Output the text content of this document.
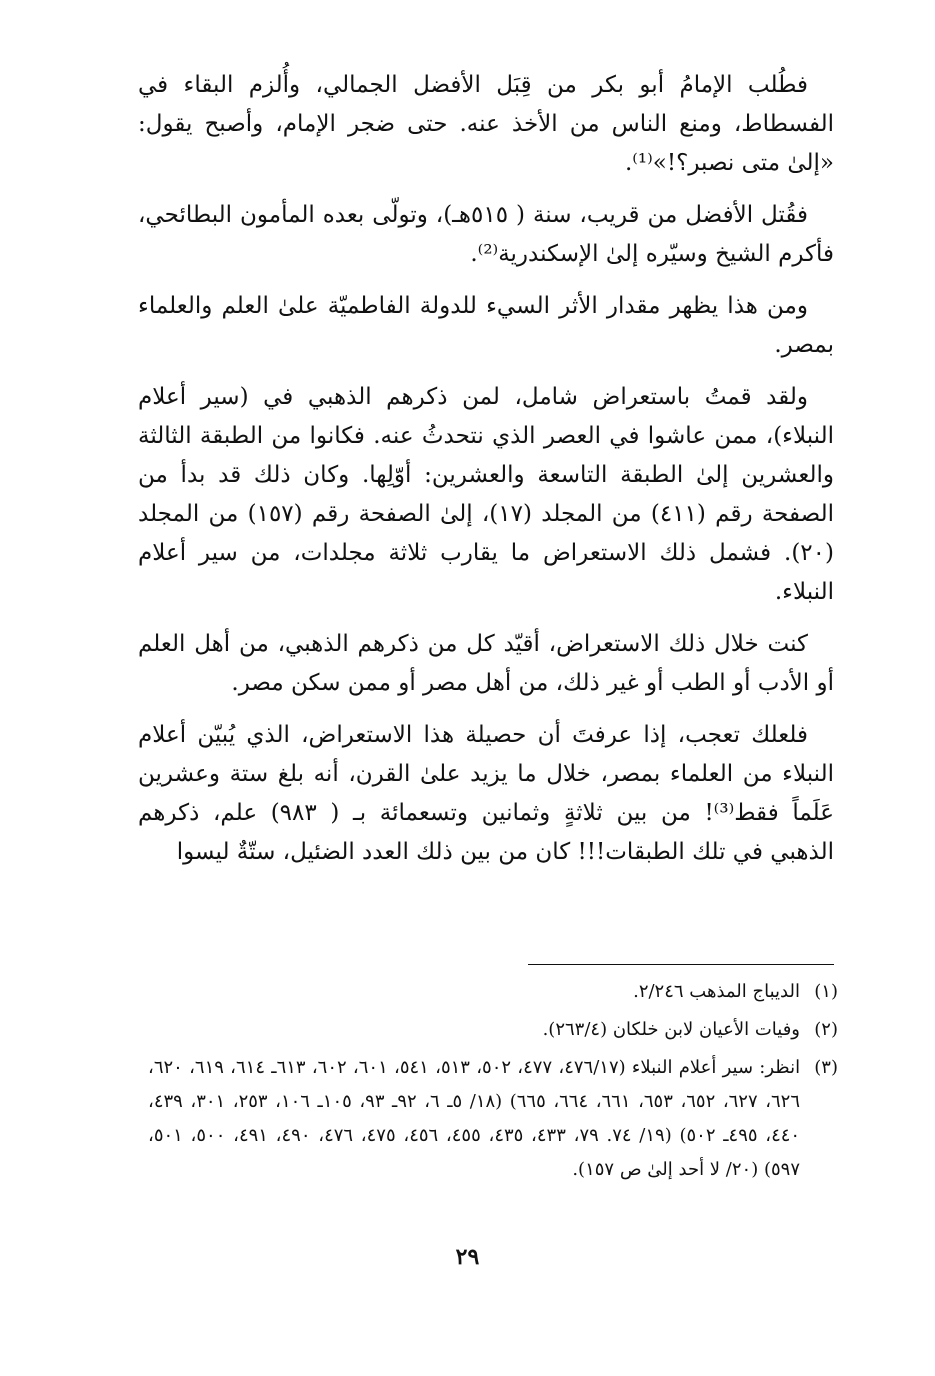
فطُلب الإمامُ أبو بكر من قِبَل الأفضل الجمالي، وأُلزم البقاء في الفسطاط، ومنع الناس من الأخذ عنه. حتى ضجر الإمام، وأصبح يقول: «إلىٰ متى نصبر؟!»⁽¹⁾.

فقُتل الأفضل من قريب، سنة ( ٥١٥هـ)، وتولّى بعده المأمون البطائحي، فأكرم الشيخ وسيّره إلىٰ الإسكندرية⁽²⁾.

ومن هذا يظهر مقدار الأثر السيء للدولة الفاطميّة علىٰ العلم والعلماء بمصر.

ولقد قمتُ باستعراض شامل، لمن ذكرهم الذهبي في (سير أعلام النبلاء)، ممن عاشوا في العصر الذي نتحدثُ عنه. فكانوا من الطبقة الثالثة والعشرين إلىٰ الطبقة التاسعة والعشرين: أوّلِها. وكان ذلك قد بدأ من الصفحة رقم (٤١١) من المجلد (١٧)، إلىٰ الصفحة رقم (١٥٧) من المجلد (٢٠). فشمل ذلك الاستعراض ما يقارب ثلاثة مجلدات، من سير أعلام النبلاء.

كنت خلال ذلك الاستعراض، أقيّد كل من ذكرهم الذهبي، من أهل العلم أو الأدب أو الطب أو غير ذلك، من أهل مصر أو ممن سكن مصر.

فلعلك تعجب، إذا عرفتَ أن حصيلة هذا الاستعراض، الذي يُبيّن أعلام النبلاء من العلماء بمصر، خلال ما يزيد علىٰ القرن، أنه بلغ ستة وعشرين عَلَماً فقط⁽³⁾! من بين ثلاثةٍ وثمانين وتسعمائة بـ ( ٩٨٣) علم، ذكرهم الذهبي في تلك الطبقات!!! كان من بين ذلك العدد الضئيل، ستّةٌ ليسوا

(١)
الديباج المذهب ٢/٢٤٦.
(٢)
وفيات الأعيان لابن خلكان (٢٦٣/٤).
(٣)
انظر: سير أعلام النبلاء (٤٧٦/١٧، ٤٧٧، ٥٠٢، ٥١٣، ٥٤١، ٦٠١، ٦٠٢، ٦١٣ـ ٦١٤، ٦١٩، ٦٢٠، ٦٢٦، ٦٢٧، ٦٥٢، ٦٥٣، ٦٦١، ٦٦٤، ٦٦٥) (١٨/ ٥ـ ٦، ٩٢ـ ٩٣، ١٠٥ـ ١٠٦، ٢٥٣، ٣٠١، ٤٣٩، ٤٤٠، ٤٩٥ـ ٥٠٢) (١٩/ ٧٤. ٧٩، ٤٣٣، ٤٣٥، ٤٥٥، ٤٥٦، ٤٧٥، ٤٧٦، ٤٩٠، ٤٩١، ٥٠٠، ٥٠١، ٥٩٧) (٢٠/ لا أحد إلىٰ ص ١٥٧).
٢٩
